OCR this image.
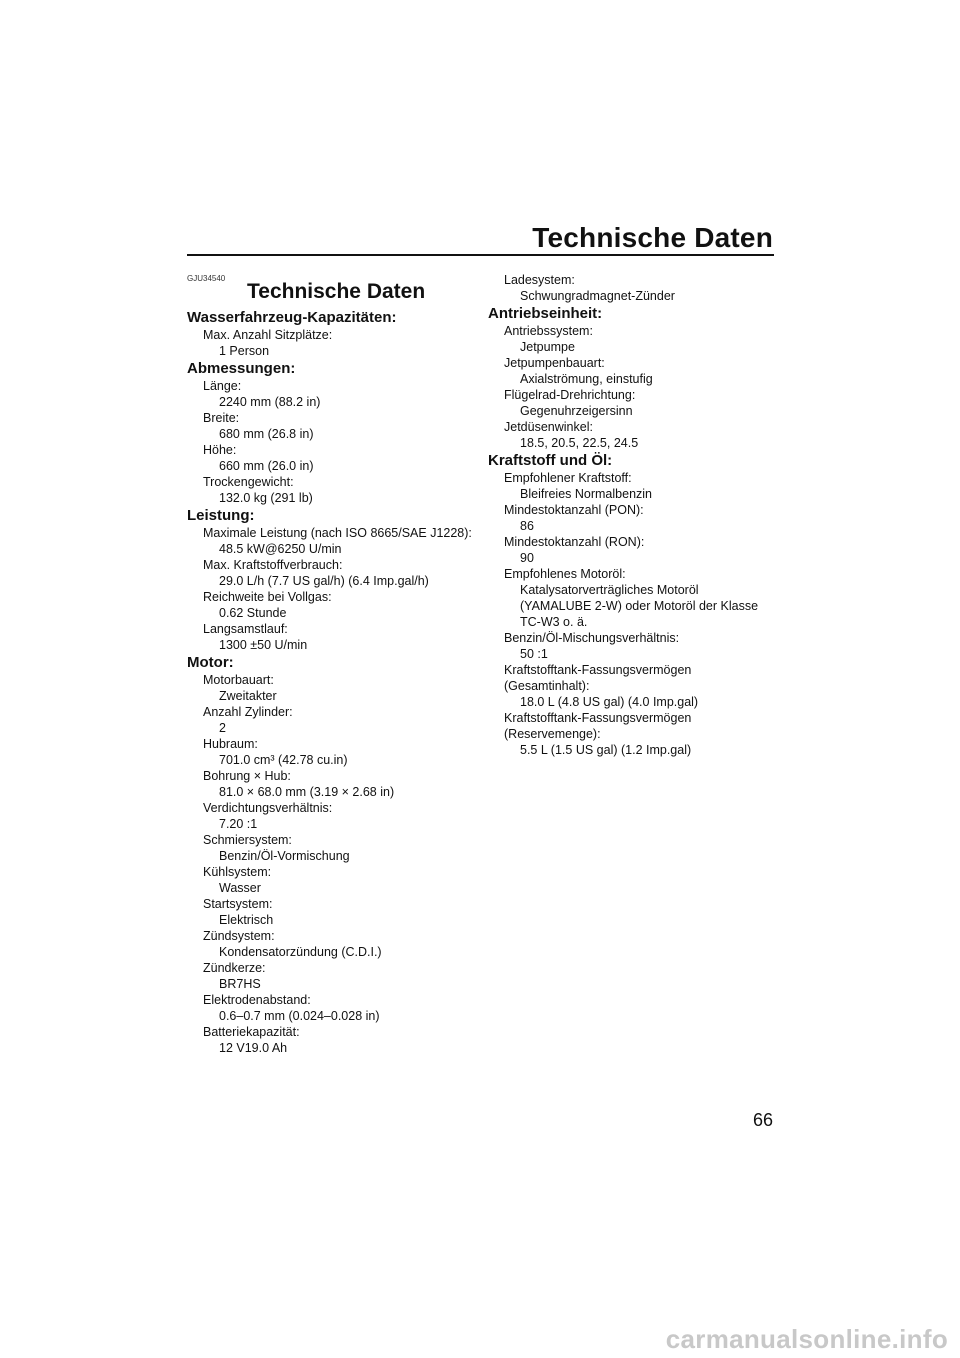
Technische Daten
GJU34540
Technische Daten
Wasserfahrzeug-Kapazitäten:
Max. Anzahl Sitzplätze:
1 Person
Abmessungen:
Länge:
2240 mm (88.2 in)
Breite:
680 mm (26.8 in)
Höhe:
660 mm (26.0 in)
Trockengewicht:
132.0 kg (291 lb)
Leistung:
Maximale Leistung (nach ISO 8665/SAE J1228):
48.5 kW@6250 U/min
Max. Kraftstoffverbrauch:
29.0 L/h (7.7 US gal/h) (6.4 Imp.gal/h)
Reichweite bei Vollgas:
0.62 Stunde
Langsamstlauf:
1300 ±50 U/min
Motor:
Motorbauart:
Zweitakter
Anzahl Zylinder:
2
Hubraum:
701.0 cm³ (42.78 cu.in)
Bohrung × Hub:
81.0 × 68.0 mm (3.19 × 2.68 in)
Verdichtungsverhältnis:
7.20 :1
Schmiersystem:
Benzin/Öl-Vormischung
Kühlsystem:
Wasser
Startsystem:
Elektrisch
Zündsystem:
Kondensatorzündung (C.D.I.)
Zündkerze:
BR7HS
Elektrodenabstand:
0.6–0.7 mm (0.024–0.028 in)
Batteriekapazität:
12 V19.0 Ah
Ladesystem:
Schwungradmagnet-Zünder
Antriebseinheit:
Antriebssystem:
Jetpumpe
Jetpumpenbauart:
Axialströmung, einstufig
Flügelrad-Drehrichtung:
Gegenuhrzeigersinn
Jetdüsenwinkel:
18.5, 20.5, 22.5, 24.5
Kraftstoff und Öl:
Empfohlener Kraftstoff:
Bleifreies Normalbenzin
Mindestoktanzahl (PON):
86
Mindestoktanzahl (RON):
90
Empfohlenes Motoröl:
Katalysatorverträgliches Motoröl
(YAMALUBE 2-W) oder Motoröl der Klasse
TC-W3 o. ä.
Benzin/Öl-Mischungsverhältnis:
50 :1
Kraftstofftank-Fassungsvermögen
(Gesamtinhalt):
18.0 L (4.8 US gal) (4.0 Imp.gal)
Kraftstofftank-Fassungsvermögen
(Reservemenge):
5.5 L (1.5 US gal) (1.2 Imp.gal)
66
carmanualsonline.info
